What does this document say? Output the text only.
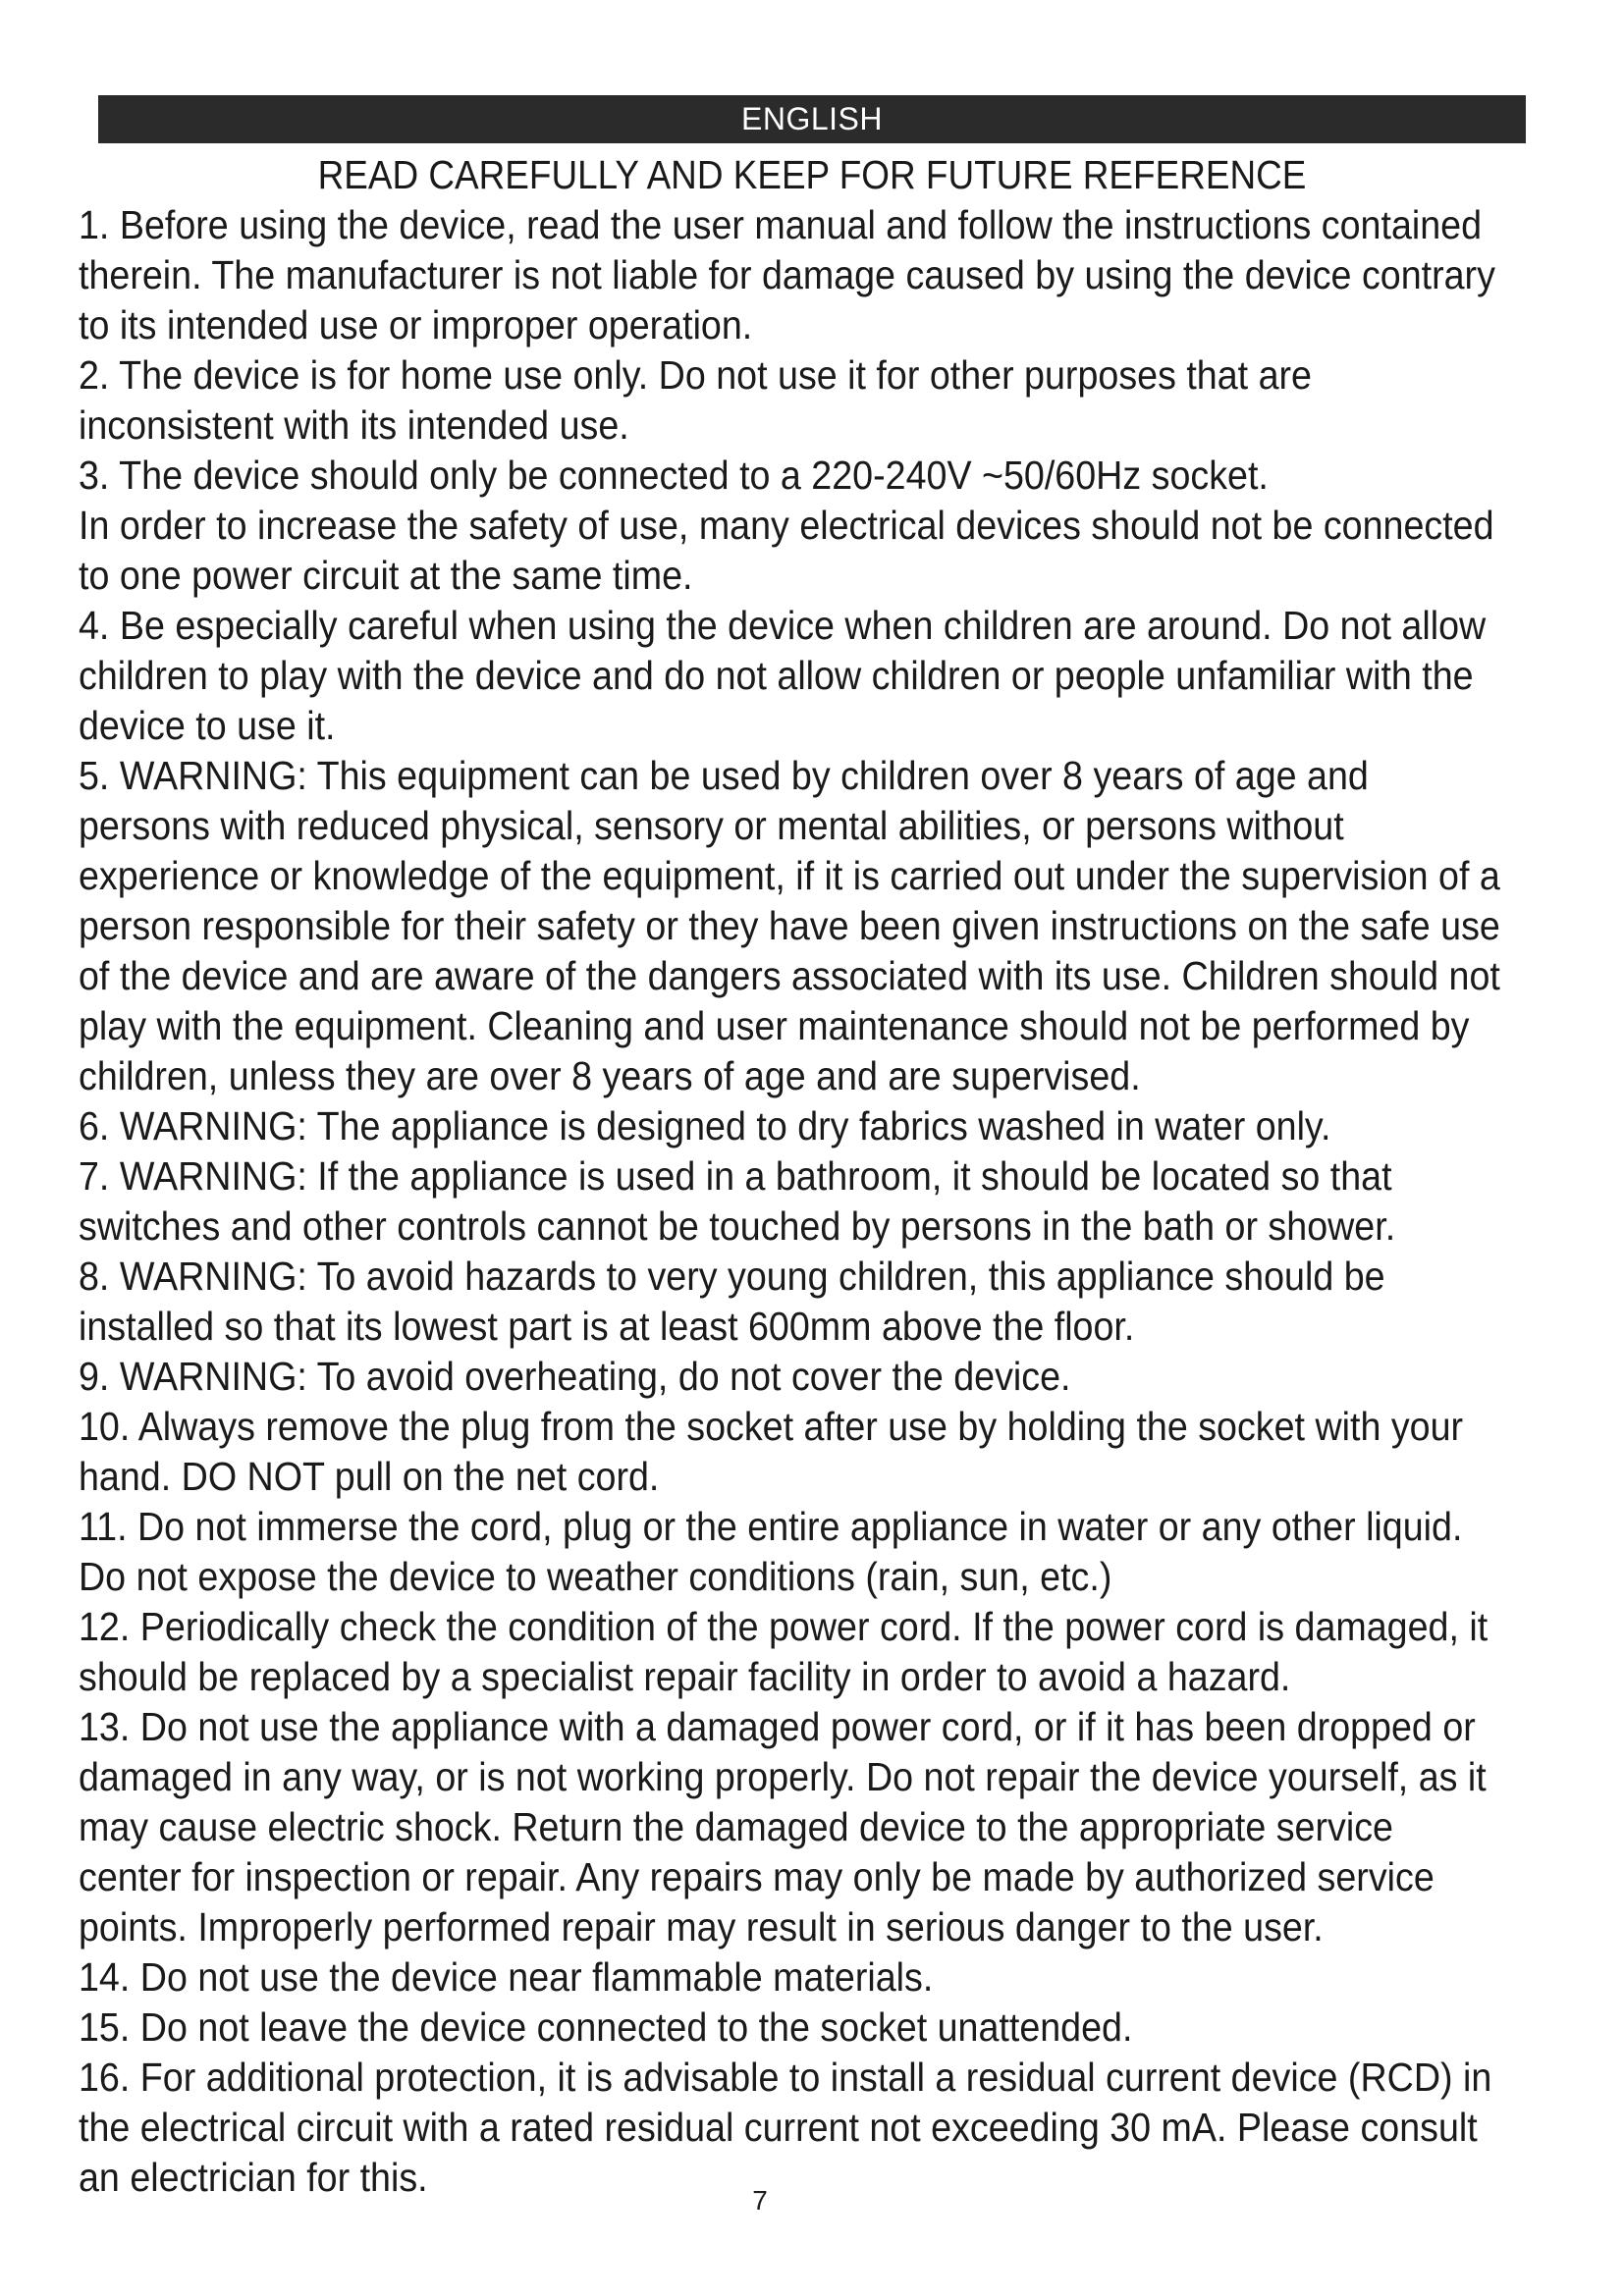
ENGLISH
READ CAREFULLY AND KEEP FOR FUTURE REFERENCE

1. Before using the device, read the user manual and follow the instructions contained therein. The manufacturer is not liable for damage caused by using the device contrary to its intended use or improper operation.

2. The device is for home use only. Do not use it for other purposes that are inconsistent with its intended use.

3. The device should only be connected to a 220-240V ~50/60Hz socket.

In order to increase the safety of use, many electrical devices should not be connected to one power circuit at the same time.

4. Be especially careful when using the device when children are around. Do not allow children to play with the device and do not allow children or people unfamiliar with the device to use it.

5. WARNING: This equipment can be used by children over 8 years of age and persons with reduced physical, sensory or mental abilities, or persons without experience or knowledge of the equipment, if it is carried out under the supervision of a person responsible for their safety or they have been given instructions on the safe use of the device and are aware of the dangers associated with its use. Children should not play with the equipment. Cleaning and user maintenance should not be performed by children, unless they are over 8 years of age and are supervised.

6. WARNING: The appliance is designed to dry fabrics washed in water only.

7. WARNING: If the appliance is used in a bathroom, it should be located so that switches and other controls cannot be touched by persons in the bath or shower.

8. WARNING: To avoid hazards to very young children, this appliance should be installed so that its lowest part is at least 600mm above the floor.

9. WARNING: To avoid overheating, do not cover the device.

10. Always remove the plug from the socket after use by holding the socket with your hand. DO NOT pull on the net cord.

11. Do not immerse the cord, plug or the entire appliance in water or any other liquid. Do not expose the device to weather conditions (rain, sun, etc.)

12. Periodically check the condition of the power cord. If the power cord is damaged, it should be replaced by a specialist repair facility in order to avoid a hazard.

13. Do not use the appliance with a damaged power cord, or if it has been dropped or damaged in any way, or is not working properly. Do not repair the device yourself, as it may cause electric shock. Return the damaged device to the appropriate service center for inspection or repair. Any repairs may only be made by authorized service points. Improperly performed repair may result in serious danger to the user.

14. Do not use the device near flammable materials.

15. Do not leave the device connected to the socket unattended.

16. For additional protection, it is advisable to install a residual current device (RCD) in the electrical circuit with a rated residual current not exceeding 30 mA. Please consult an electrician for this.

7
